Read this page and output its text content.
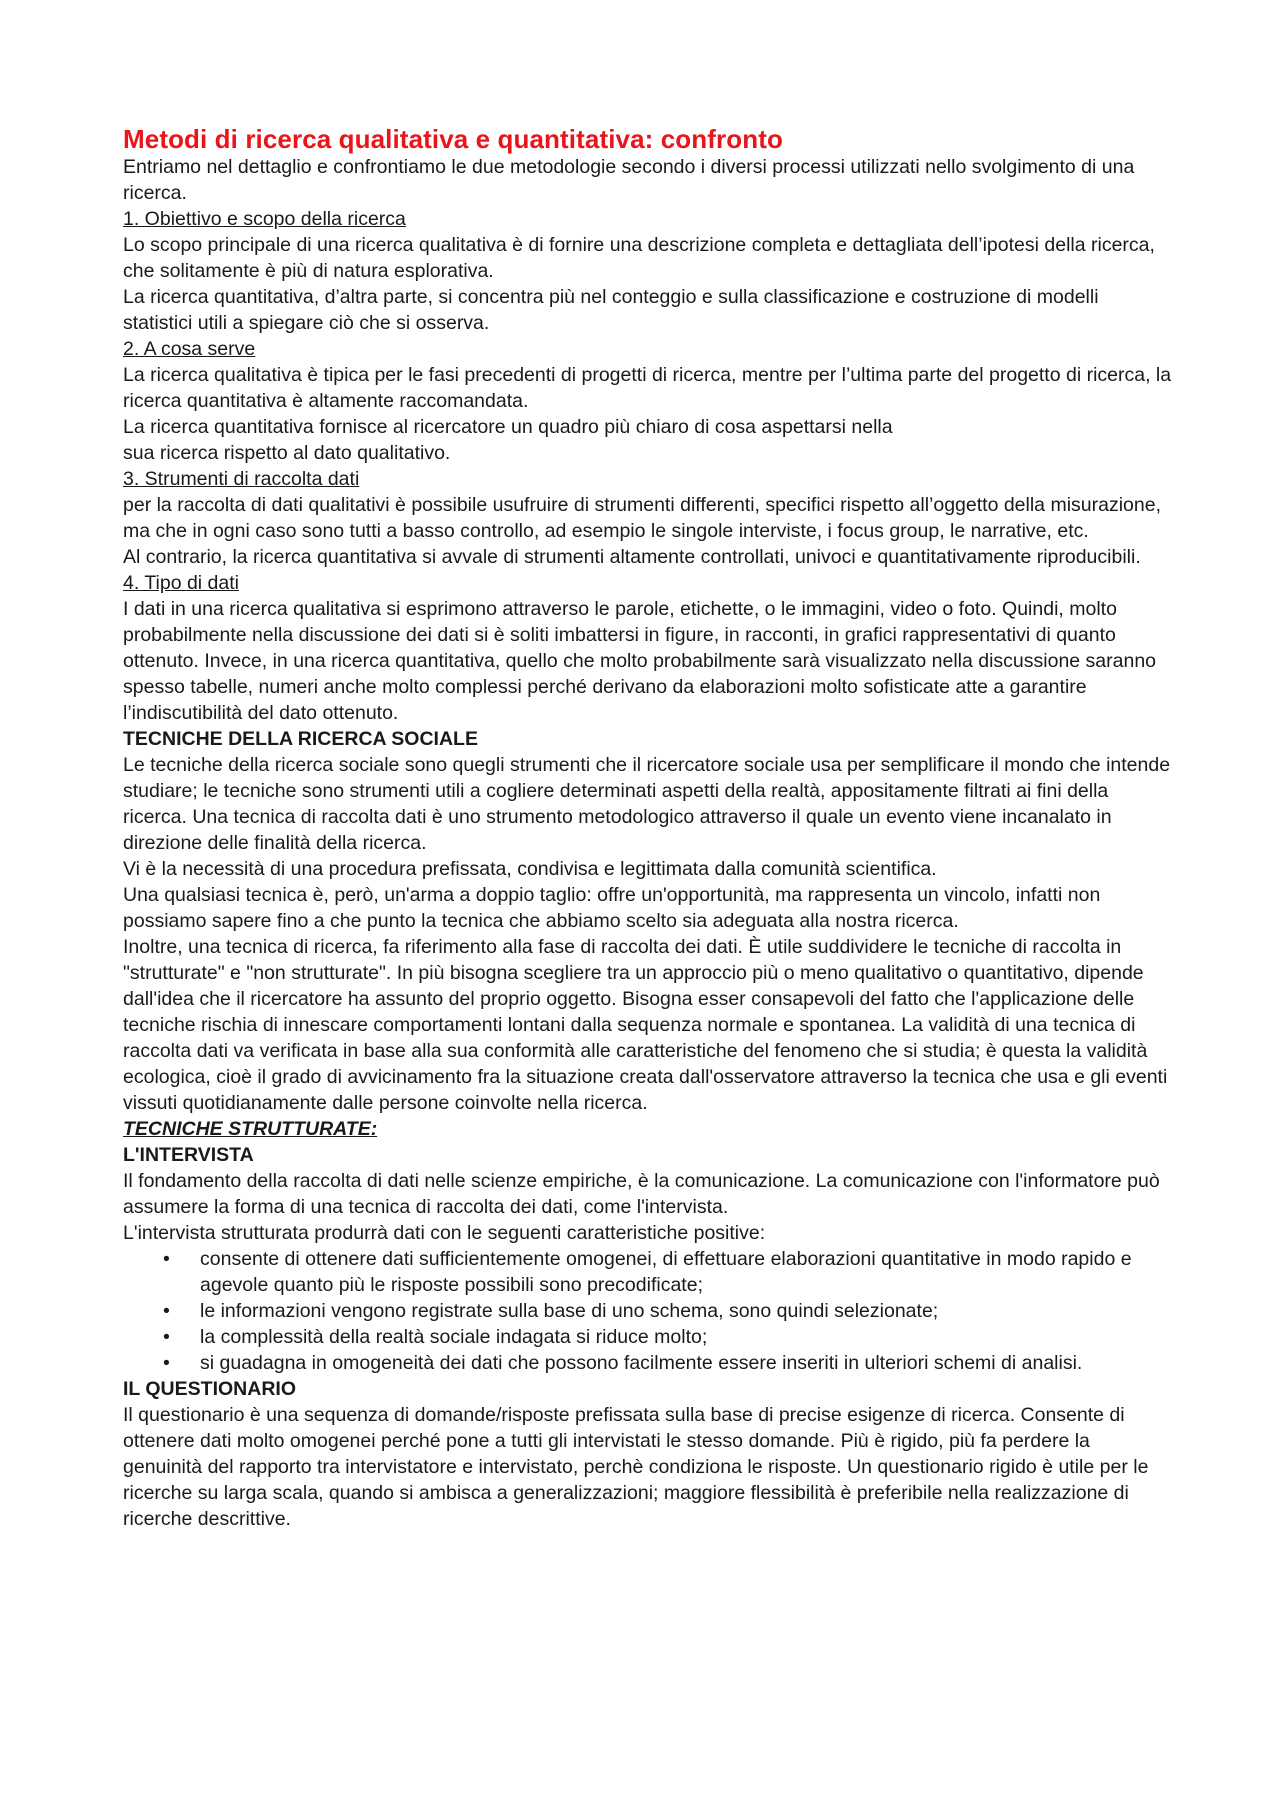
Metodi di ricerca qualitativa e quantitativa: confronto

Entriamo nel dettaglio e confrontiamo le due metodologie secondo i diversi processi utilizzati nello svolgimento di una ricerca.

1. Obiettivo e scopo della ricerca

Lo scopo principale di una ricerca qualitativa è di fornire una descrizione completa e dettagliata dell’ipotesi della ricerca, che solitamente è più di natura esplorativa.

La ricerca quantitativa, d’altra parte, si concentra più nel conteggio e sulla classificazione e costruzione di modelli statistici utili a spiegare ciò che si osserva.

2. A cosa serve

La ricerca qualitativa è tipica per le fasi precedenti di progetti di ricerca, mentre per l’ultima parte del progetto di ricerca, la ricerca quantitativa è altamente raccomandata.

La ricerca quantitativa fornisce al ricercatore un quadro più chiaro di cosa aspettarsi nella

sua ricerca rispetto al dato qualitativo.

3. Strumenti di raccolta dati

per la raccolta di dati qualitativi è possibile usufruire di strumenti differenti, specifici rispetto all’oggetto della misurazione, ma che in ogni caso sono tutti a basso controllo, ad esempio le singole interviste, i focus group, le narrative, etc.

Al contrario, la ricerca quantitativa si avvale di strumenti altamente controllati, univoci e quantitativamente riproducibili.

4. Tipo di dati

I dati in una ricerca qualitativa si esprimono attraverso le parole, etichette, o le immagini, video o foto. Quindi, molto probabilmente nella discussione dei dati si è soliti imbattersi in figure, in racconti, in grafici rappresentativi di quanto ottenuto. Invece, in una ricerca quantitativa, quello che molto probabilmente sarà visualizzato nella discussione saranno spesso tabelle, numeri anche molto complessi perché derivano da elaborazioni molto sofisticate atte a garantire l’indiscutibilità del dato ottenuto.

TECNICHE DELLA RICERCA SOCIALE

Le tecniche della ricerca sociale sono quegli strumenti che il ricercatore sociale usa per semplificare il mondo che intende studiare; le tecniche sono strumenti utili a cogliere determinati aspetti della realtà, appositamente filtrati ai fini della ricerca. Una tecnica di raccolta dati è uno strumento metodologico attraverso il quale un evento viene incanalato in direzione delle finalità della ricerca.

Vi è la necessità di una procedura prefissata, condivisa e legittimata dalla comunità scientifica.

Una qualsiasi tecnica è, però, un'arma a doppio taglio: offre un'opportunità, ma rappresenta un vincolo, infatti non possiamo sapere fino a che punto la tecnica che abbiamo scelto sia adeguata alla nostra ricerca.

Inoltre, una tecnica di ricerca, fa riferimento alla fase di raccolta dei dati. È utile suddividere le tecniche di raccolta in "strutturate" e "non strutturate". In più bisogna scegliere tra un approccio più o meno qualitativo o quantitativo, dipende dall'idea che il ricercatore ha assunto del proprio oggetto. Bisogna esser consapevoli del fatto che l'applicazione delle tecniche rischia di innescare comportamenti lontani dalla sequenza normale e spontanea. La validità di una tecnica di raccolta dati va verificata in base alla sua conformità alle caratteristiche del fenomeno che si studia; è questa la validità ecologica, cioè il grado di avvicinamento fra la situazione creata dall'osservatore attraverso la tecnica che usa e gli eventi vissuti quotidianamente dalle persone coinvolte nella ricerca.

TECNICHE STRUTTURATE:

L'INTERVISTA

Il fondamento della raccolta di dati nelle scienze empiriche, è la comunicazione. La comunicazione con l'informatore può assumere la forma di una tecnica di raccolta dei dati, come l'intervista.

L'intervista strutturata produrrà dati con le seguenti caratteristiche positive:

• consente di ottenere dati sufficientemente omogenei, di effettuare elaborazioni quantitative in modo rapido e agevole quanto più le risposte possibili sono precodificate;
• le informazioni vengono registrate sulla base di uno schema, sono quindi selezionate;
• la complessità della realtà sociale indagata si riduce molto;
• si guadagna in omogeneità dei dati che possono facilmente essere inseriti in ulteriori schemi di analisi.

IL QUESTIONARIO

Il questionario è una sequenza di domande/risposte prefissata sulla base di precise esigenze di ricerca. Consente di ottenere dati molto omogenei perché pone a tutti gli intervistati le stesso domande. Più è rigido, più fa perdere la genuinità del rapporto tra intervistatore e intervistato, perchè condiziona le risposte. Un questionario rigido è utile per le ricerche su larga scala, quando si ambisca a generalizzazioni; maggiore flessibilità è preferibile nella realizzazione di ricerche descrittive.
